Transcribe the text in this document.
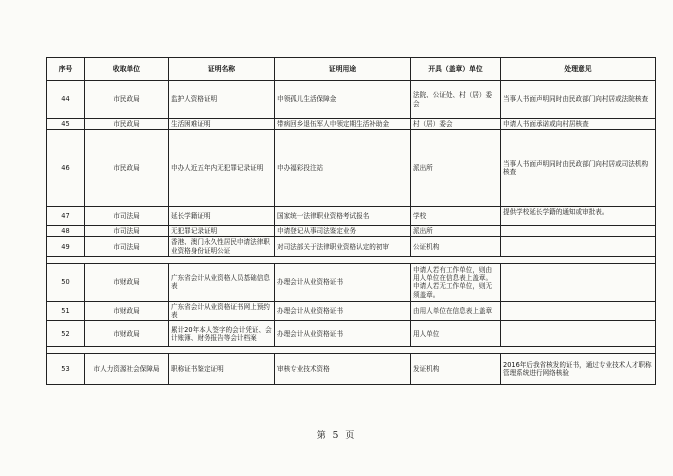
序号	收取单位	证明名称	证明用途	开具（盖章）单位	处理意见
44	市民政局	监护人资格证明	申领孤儿生活保障金	法院、公证处、村（居）委会	当事人书面声明同时由民政部门向村居或法院核查
45	市民政局	生活困难证明	带病回乡退伍军人申领定期生活补助金	村（居）委会	申请人书面承诺或向村居核查
46	市民政局	申办人近五年内无犯罪记录证明	申办福彩投注站	派出所	当事人书面声明同时由民政部门向村居或司法机构核查
47	市司法局	延长学籍证明	国家统一法律职业资格考试报名	学校	提供学校延长学籍的通知或审批表。
48	市司法局	无犯罪记录证明	申请登记从事司法鉴定业务	派出所	
49	市司法局	香港、澳门永久性居民申请法律职业资格身份证明公证	对司法部关于法律职业资格认定的初审	公证机构	

50	市财政局	广东省会计从业资格人员基础信息表	办理会计从业资格证书	申请人若有工作单位，则由用人单位在信息表上盖章。申请人若无工作单位，则无须盖章。	
51	市财政局	广东省会计从业资格证书网上预约表	办理会计从业资格证书	由用人单位在信息表上盖章	
52	市财政局	累计20年本人签字的会计凭证、会计账簿、财务报告等会计档案	办理会计从业资格证书	用人单位	

53	市人力资源社会保障局	职称证书鉴定证明	审核专业技术资格	发证机构	2016年后我省核发的证书，通过专业技术人才职称管理系统进行网络核验
第 5 页
